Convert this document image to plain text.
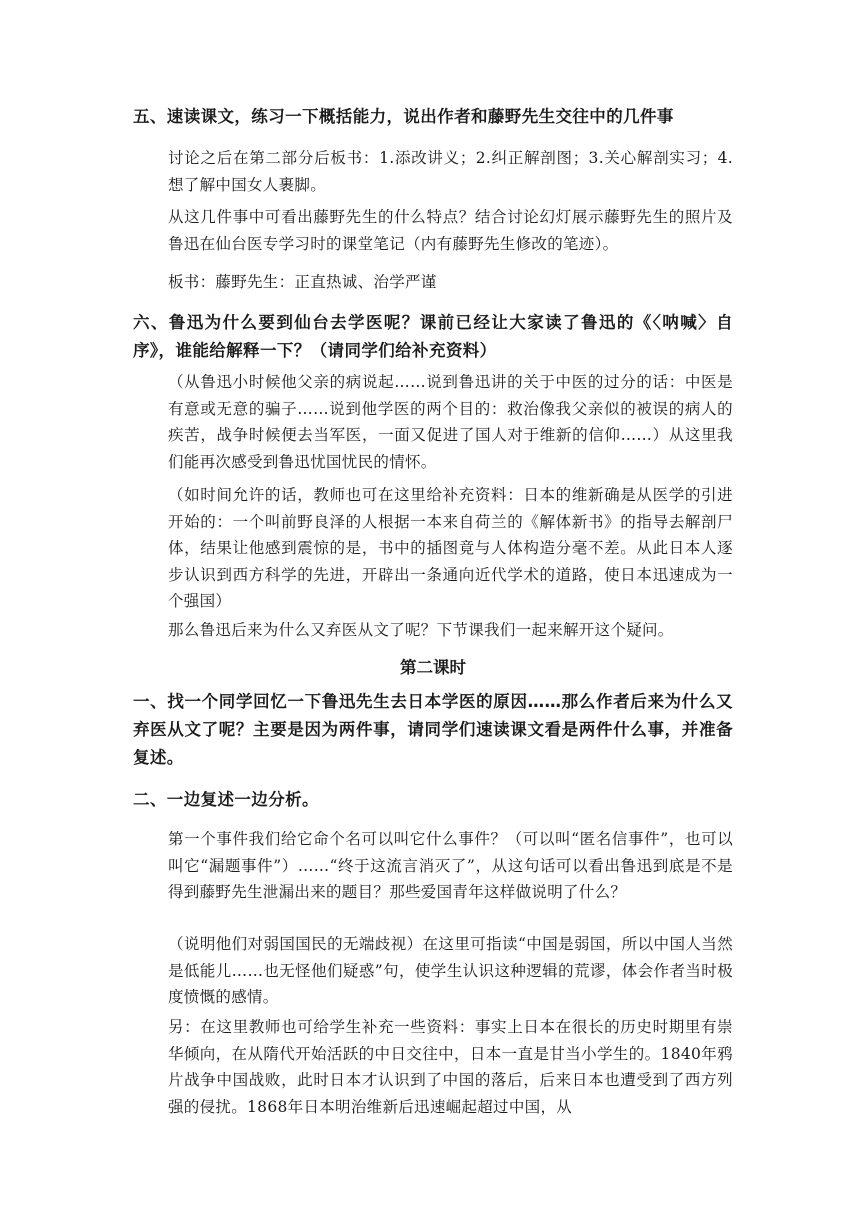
五、速读课文，练习一下概括能力，说出作者和藤野先生交往中的几件事
讨论之后在第二部分后板书：1.添改讲义；2.纠正解剖图；3.关心解剖实习；4.想了解中国女人裹脚。
从这几件事中可看出藤野先生的什么特点？结合讨论幻灯展示藤野先生的照片及鲁迅在仙台医专学习时的课堂笔记（内有藤野先生修改的笔迹）。
板书：藤野先生：正直热诚、治学严谨
六、鲁迅为什么要到仙台去学医呢？课前已经让大家读了鲁迅的《〈呐喊〉自序》，谁能给解释一下？（请同学们给补充资料）
（从鲁迅小时候他父亲的病说起……说到鲁迅讲的关于中医的过分的话：中医是有意或无意的骗子……说到他学医的两个目的：救治像我父亲似的被误的病人的疾苦，战争时候便去当军医，一面又促进了国人对于维新的信仰……）从这里我们能再次感受到鲁迅忧国忧民的情怀。
（如时间允许的话，教师也可在这里给补充资料：日本的维新确是从医学的引进开始的：一个叫前野良泽的人根据一本来自荷兰的《解体新书》的指导去解剖尸体，结果让他感到震惊的是，书中的插图竟与人体构造分毫不差。从此日本人逐步认识到西方科学的先进，开辟出一条通向近代学术的道路，使日本迅速成为一个强国）
那么鲁迅后来为什么又弃医从文了呢？下节课我们一起来解开这个疑问。
第二课时
一、找一个同学回忆一下鲁迅先生去日本学医的原因……那么作者后来为什么又弃医从文了呢？主要是因为两件事，请同学们速读课文看是两件什么事，并准备复述。
二、一边复述一边分析。
第一个事件我们给它命个名可以叫它什么事件？（可以叫“匿名信事件”，也可以叫它“漏题事件”）……“终于这流言消灭了”，从这句话可以看出鲁迅到底是不是得到藤野先生泄漏出来的题目？那些爱国青年这样做说明了什么？
（说明他们对弱国国民的无端歧视）在这里可指读“中国是弱国，所以中国人当然是低能儿……也无怪他们疑惑”句，使学生认识这种逻辑的荒谬，体会作者当时极度愤慨的感情。
另：在这里教师也可给学生补充一些资料：事实上日本在很长的历史时期里有崇华倾向，在从隋代开始活跃的中日交往中，日本一直是甘当小学生的。1840年鸦片战争中国战败，此时日本才认识到了中国的落后，后来日本也遭受到了西方列强的侵扰。1868年日本明治维新后迅速崛起超过中国，从
